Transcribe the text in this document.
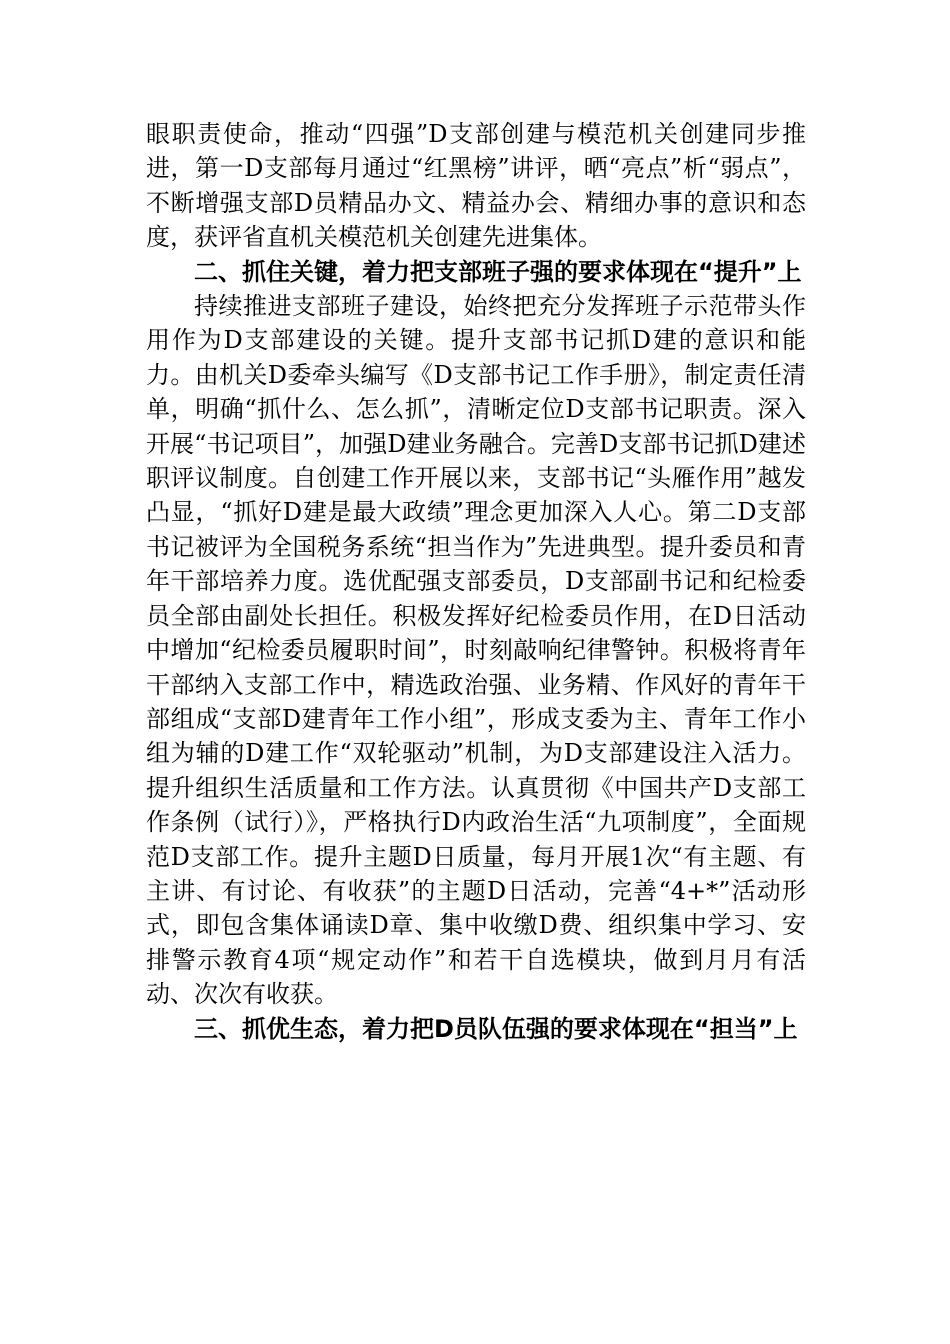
眼职责使命，推动“四强”D支部创建与模范机关创建同步推进，第一D支部每月通过“红黑榜”讲评，晒“亮点”析“弱点”，不断增强支部D员精品办文、精益办会、精细办事的意识和态度，获评省直机关模范机关创建先进集体。

二、抓住关键，着力把支部班子强的要求体现在“提升”上

持续推进支部班子建设，始终把充分发挥班子示范带头作用作为D支部建设的关键。提升支部书记抓D建的意识和能力。由机关D委牵头编写《D支部书记工作手册》，制定责任清单，明确“抓什么、怎么抓”，清晰定位D支部书记职责。深入开展“书记项目”，加强D建业务融合。完善D支部书记抓D建述职评议制度。自创建工作开展以来，支部书记“头雁作用”越发凸显，“抓好D建是最大政绩”理念更加深入人心。第二D支部书记被评为全国税务系统“担当作为”先进典型。提升委员和青年干部培养力度。选优配强支部委员，D支部副书记和纪检委员全部由副处长担任。积极发挥好纪检委员作用，在D日活动中增加“纪检委员履职时间”，时刻敲响纪律警钟。积极将青年干部纳入支部工作中，精选政治强、业务精、作风好的青年干部组成“支部D建青年工作小组”，形成支委为主、青年工作小组为辅的D建工作“双轮驱动”机制，为D支部建设注入活力。提升组织生活质量和工作方法。认真贯彻《中国共产D支部工作条例（试行）》，严格执行D内政治生活“九项制度”，全面规范D支部工作。提升主题D日质量，每月开展1次“有主题、有主讲、有讨论、有收获”的主题D日活动，完善“4+*”活动形式，即包含集体诵读D章、集中收缴D费、组织集中学习、安排警示教育4项“规定动作”和若干自选模块，做到月月有活动、次次有收获。

三、抓优生态，着力把D员队伍强的要求体现在“担当”上
